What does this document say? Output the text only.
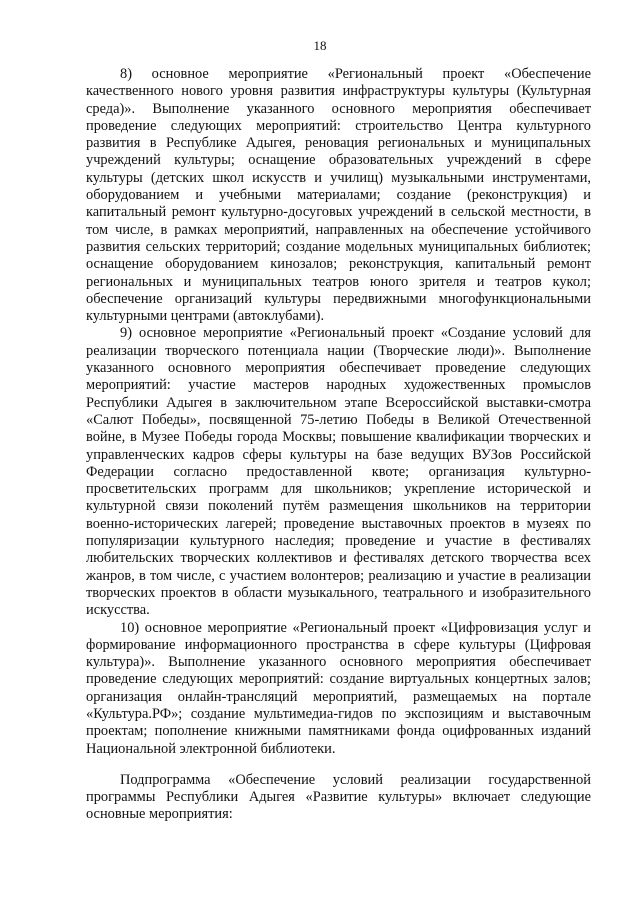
18

8) основное мероприятие «Региональный проект «Обеспечение качественного нового уровня развития инфраструктуры культуры (Культурная среда)». Выполнение указанного основного мероприятия обеспечивает проведение следующих мероприятий: строительство Центра культурного развития в Республике Адыгея, реновация региональных и муниципальных учреждений культуры; оснащение образовательных учреждений в сфере культуры (детских школ искусств и училищ) музыкальными инструментами, оборудованием и учебными материалами; создание (реконструкция) и капитальный ремонт культурно-досуговых учреждений в сельской местности, в том числе, в рамках мероприятий, направленных на обеспечение устойчивого развития сельских территорий; создание модельных муниципальных библиотек; оснащение оборудованием кинозалов; реконструкция, капитальный ремонт региональных и муниципальных театров юного зрителя и театров кукол; обеспечение организаций культуры передвижными многофункциональными культурными центрами (автоклубами).

9) основное мероприятие «Региональный проект «Создание условий для реализации творческого потенциала нации (Творческие люди)». Выполнение указанного основного мероприятия обеспечивает проведение следующих мероприятий: участие мастеров народных художественных промыслов Республики Адыгея в заключительном этапе Всероссийской выставки-смотра «Салют Победы», посвященной 75-летию Победы в Великой Отечественной войне, в Музее Победы города Москвы; повышение квалификации творческих и управленческих кадров сферы культуры на базе ведущих ВУЗов Российской Федерации согласно предоставленной квоте; организация культурно-просветительских программ для школьников; укрепление исторической и культурной связи поколений путём размещения школьников на территории военно-исторических лагерей; проведение выставочных проектов в музеях по популяризации культурного наследия; проведение и участие в фестивалях любительских творческих коллективов и фестивалях детского творчества всех жанров, в том числе, с участием волонтеров; реализацию и участие в реализации творческих проектов в области музыкального, театрального и изобразительного искусства.

10) основное мероприятие «Региональный проект «Цифровизация услуг и формирование информационного пространства в сфере культуры (Цифровая культура)». Выполнение указанного основного мероприятия обеспечивает проведение следующих мероприятий: создание виртуальных концертных залов; организация онлайн-трансляций мероприятий, размещаемых на портале «Культура.РФ»; создание мультимедиа-гидов по экспозициям и выставочным проектам; пополнение книжными памятниками фонда оцифрованных изданий Национальной электронной библиотеки.

Подпрограмма «Обеспечение условий реализации государственной программы Республики Адыгея «Развитие культуры» включает следующие основные мероприятия:
